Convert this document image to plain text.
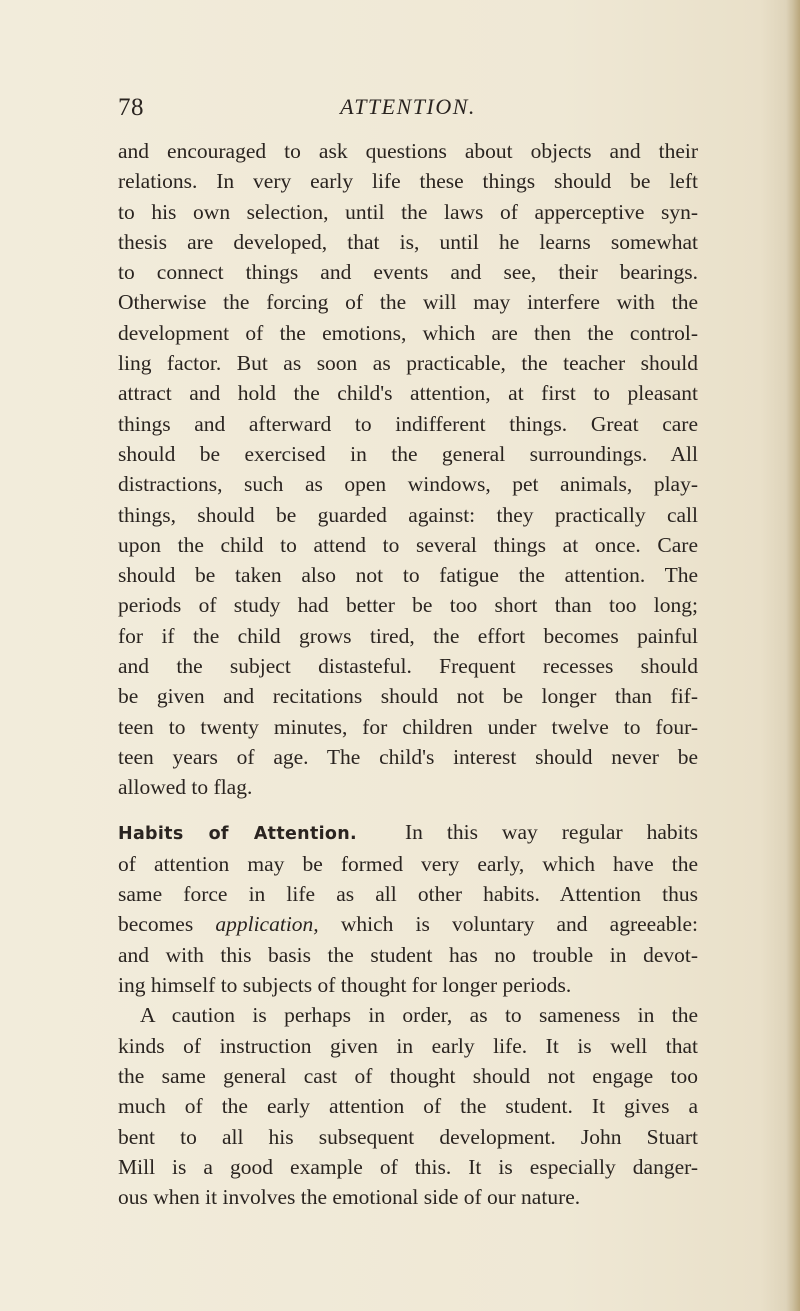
78	ATTENTION.
and encouraged to ask questions about objects and their
relations. In very early life these things should be left
to his own selection, until the laws of apperceptive syn-
thesis are developed, that is, until he learns somewhat
to connect things and events and see, their bearings.
Otherwise the forcing of the will may interfere with the
development of the emotions, which are then the control-
ling factor. But as soon as practicable, the teacher should
attract and hold the child's attention, at first to pleasant
things and afterward to indifferent things. Great care
should be exercised in the general surroundings. All
distractions, such as open windows, pet animals, play-
things, should be guarded against: they practically call
upon the child to attend to several things at once. Care
should be taken also not to fatigue the attention. The
periods of study had better be too short than too long;
for if the child grows tired, the effort becomes painful
and the subject distasteful. Frequent recesses should
be given and recitations should not be longer than fif-
teen to twenty minutes, for children under twelve to four-
teen years of age. The child's interest should never be
allowed to flag.
Habits of Attention. In this way regular habits
of attention may be formed very early, which have the
same force in life as all other habits. Attention thus
becomes application, which is voluntary and agreeable:
and with this basis the student has no trouble in devot-
ing himself to subjects of thought for longer periods.
A caution is perhaps in order, as to sameness in the
kinds of instruction given in early life. It is well that
the same general cast of thought should not engage too
much of the early attention of the student. It gives a
bent to all his subsequent development. John Stuart
Mill is a good example of this. It is especially danger-
ous when it involves the emotional side of our nature.
